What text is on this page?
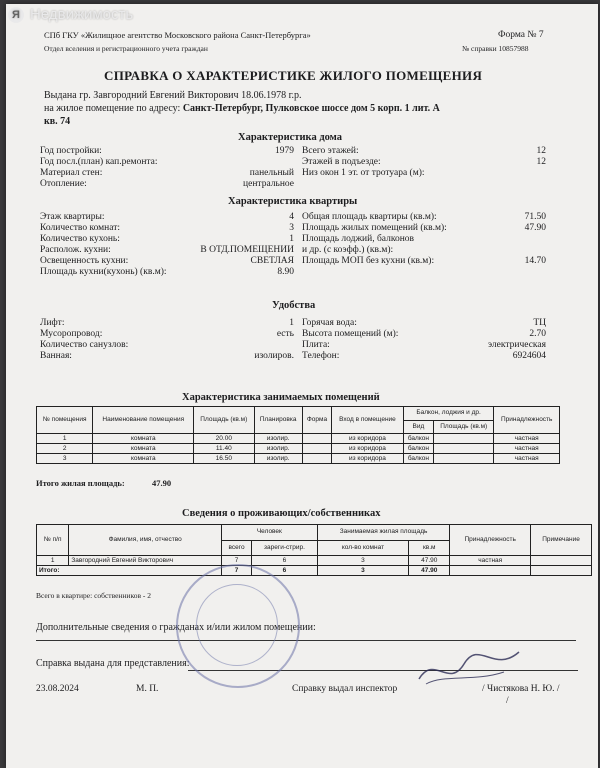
СПб ГКУ «Жилищное агентство Московского района Санкт-Петербурга»
Отдел вселения и регистрационного учета граждан
Форма № 7
№ справки 10857988
СПРАВКА О ХАРАКТЕРИСТИКЕ ЖИЛОГО ПОМЕЩЕНИЯ
Выдана гр. Завгородний Евгений Викторович 18.06.1978 г.р.
на жилое помещение по адресу: Санкт-Петербург, Пулковское шоссе дом 5 корп. 1 лит. А
кв. 74
Характеристика дома
Год постройки:	1979
Год посл.(план) кап.ремонта:
Материал стен:	панельный
Отопление:	центральное
Всего этажей:	12
Этажей в подъезде:	12
Низ окон 1 эт. от тротуара (м):
Характеристика квартиры
Этаж квартиры:	4
Количество комнат:	3
Количество кухонь:	1
Располож. кухни:	В ОТД.ПОМЕЩЕНИИ
Освещенность кухни:	СВЕТЛАЯ
Площадь кухни(кухонь) (кв.м):	8.90
Общая площадь квартиры (кв.м):	71.50
Площадь жилых помещений (кв.м):	47.90
Площадь лоджий, балконов
и др. (с коэфф.) (кв.м):
Площадь МОП без кухни (кв.м):	14.70
Удобства
Лифт:	1
Мусоропровод:	есть
Количество санузлов:
Ванная:	изолиров.
Горячая вода:	ТЦ
Высота помещений (м):	2.70
Плита:	электрическая
Телефон:	6924604
Характеристика занимаемых помещений
№ помещения	Наименование помещения	Площадь (кв.м)	Планировка	Форма	Вход в помещение	Балкон, лоджия и др.		Принадлежность
						Вид	Площадь (кв.м)	
1	комната	20.00	изолир.		из коридора	балкон		частная
2	комната	11.40	изолир.		из коридора	балкон		частная
3	комната	16.50	изолир.		из коридора	балкон		частная
Итого жилая площадь:	47.90
Сведения о проживающих/собственниках
№ п/п	Фамилия, имя, отчество	Человек		Занимаемая жилая площадь		Принадлежность	Примечание
		всего	зареги-стрир.	кол-во комнат	кв.м		
1	Завгородний Евгений Викторович	7	6	3	47.90	частная	
Итого:		7	6	3	47.90		
Всего в квартире: собственников - 2
Дополнительные сведения о гражданах и/или жилом помещении:
Справка выдана для представления:
23.08.2024	М. П.	Справку выдал инспектор	/ Чистякова Н. Ю. /
/
Я Недвижимость
